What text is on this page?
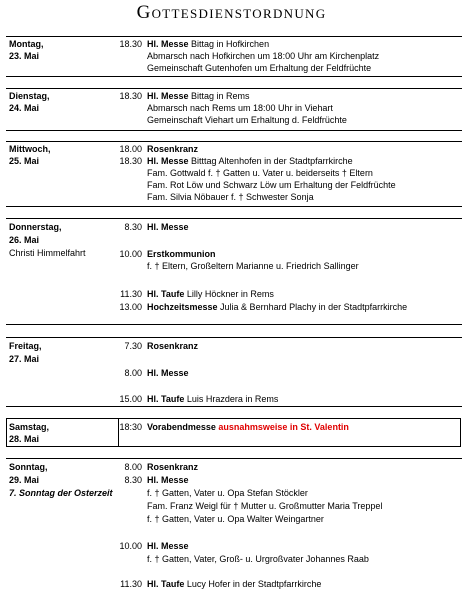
Gottesdienstordnung
Montag,
23. Mai
18.30 Hl. Messe Bittag in Hofkirchen
Abmarsch nach Hofkirchen um 18:00 Uhr am Kirchenplatz
Gemeinschaft Gutenhofen um Erhaltung der Feldfrüchte
Dienstag,
24. Mai
18.30 Hl. Messe Bittag in Rems
Abmarsch nach Rems um 18:00 Uhr in Viehart
Gemeinschaft Viehart um Erhaltung d. Feldfrüchte
Mittwoch,
25. Mai
18.00 Rosenkranz
18.30 Hl. Messe Bitttag Altenhofen in der Stadtpfarrkirche
Fam. Gottwald f. † Gatten u. Vater u. beiderseits † Eltern
Fam. Rot Löw und Schwarz Löw um Erhaltung der Feldfrüchte
Fam. Silvia Nöbauer f. † Schwester Sonja
Donnerstag,
26. Mai
Christi Himmelfahrt
8.30 Hl. Messe
10.00 Erstkommunion
f. † Eltern, Großeltern Marianne u. Friedrich Sallinger
11.30 Hl. Taufe Lilly Höckner in Rems
13.00 Hochzeitsmesse Julia & Bernhard Plachy in der Stadtpfarrkirche
Freitag,
27. Mai
7.30 Rosenkranz
8.00 Hl. Messe
15.00 Hl. Taufe Luis Hrazdera in Rems
Samstag,
28. Mai
18:30 Vorabendmesse ausnahmsweise in St. Valentin
Sonntag,
29. Mai
7. Sonntag der Osterzeit
8.00 Rosenkranz
8.30 Hl. Messe
f. † Gatten, Vater u. Opa Stefan Stöckler
Fam. Franz Weigl für † Mutter u. Großmutter Maria Treppel
f. † Gatten, Vater u. Opa Walter Weingartner
10.00 Hl. Messe
f. † Gatten, Vater, Groß- u. Urgroßvater Johannes Raab
11.30 Hl. Taufe Lucy Hofer in der Stadtpfarrkirche
